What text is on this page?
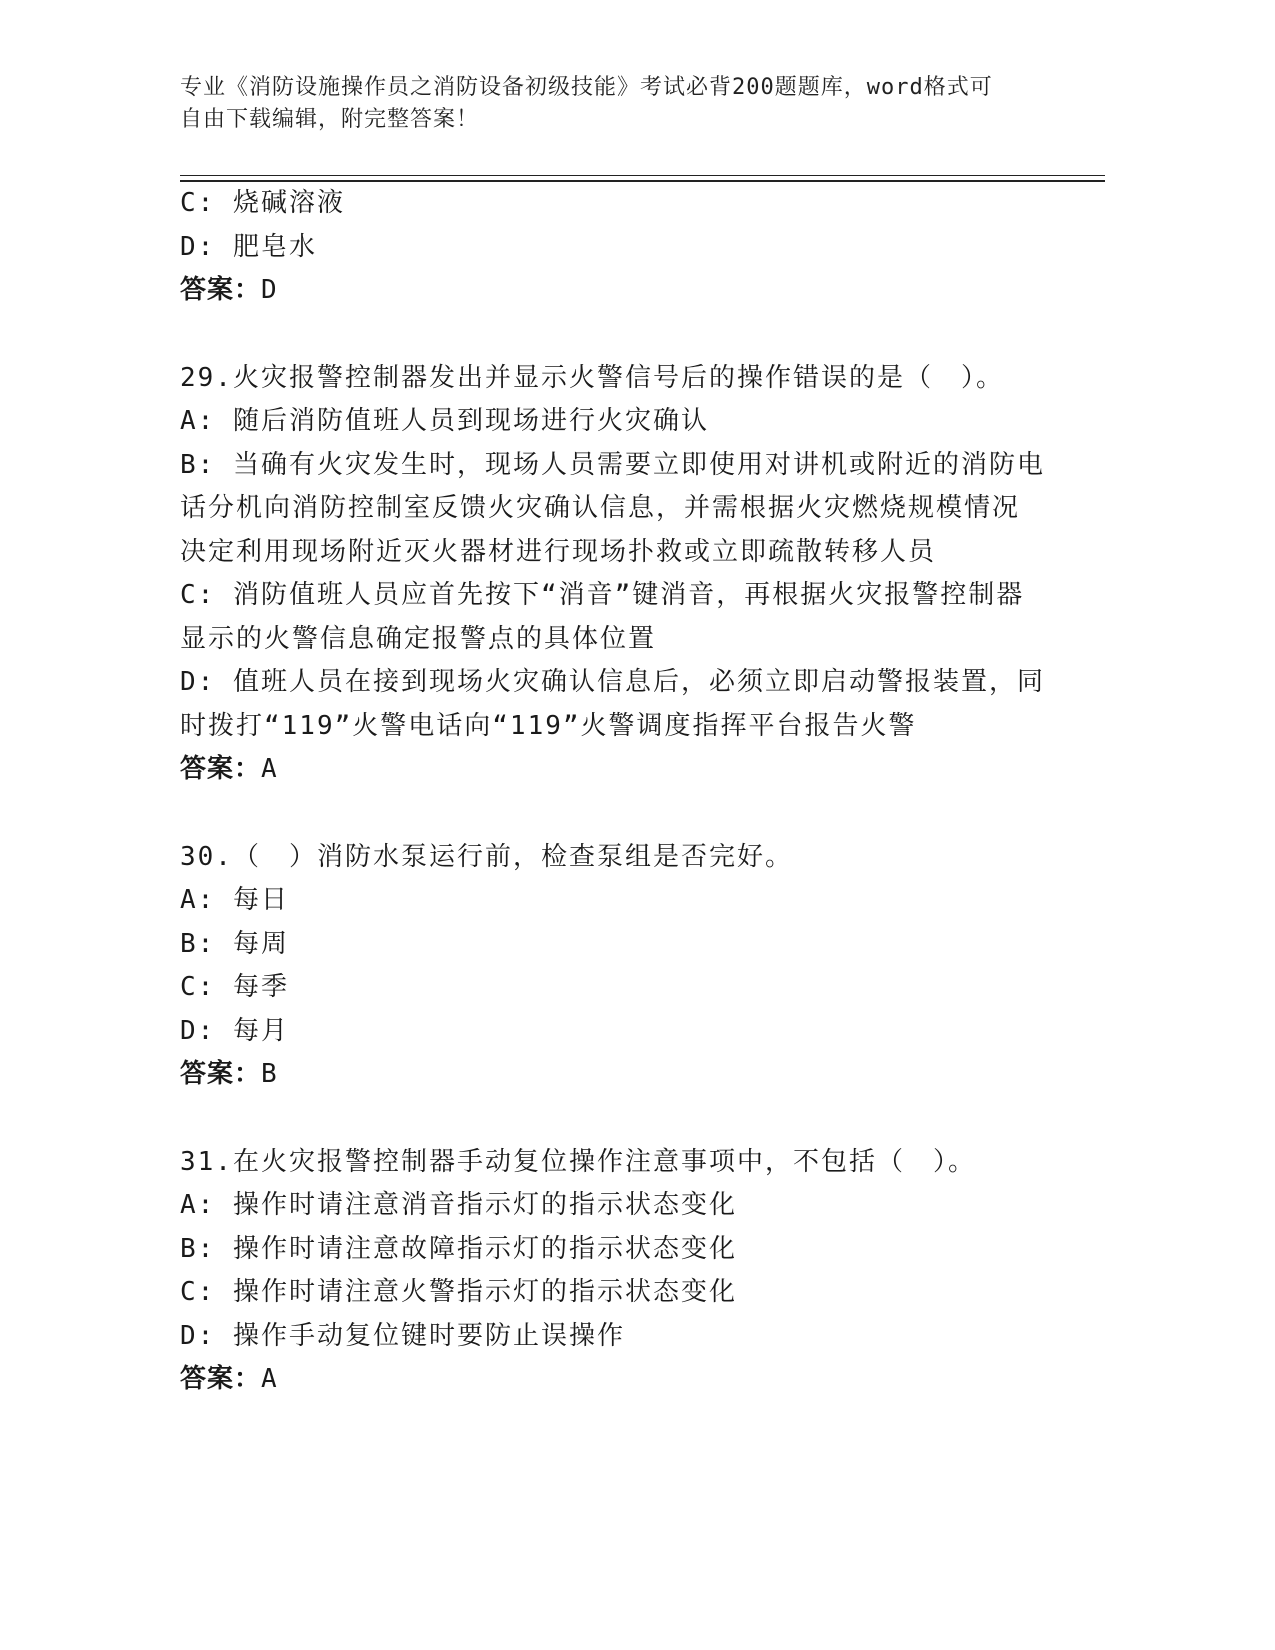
专业《消防设施操作员之消防设备初级技能》考试必背200题题库，word格式可
自由下载编辑，附完整答案！
C: 烧碱溶液
D: 肥皂水
答案：D
29.火灾报警控制器发出并显示火警信号后的操作错误的是（　）。
A: 随后消防值班人员到现场进行火灾确认
B: 当确有火灾发生时，现场人员需要立即使用对讲机或附近的消防电
话分机向消防控制室反馈火灾确认信息，并需根据火灾燃烧规模情况
决定利用现场附近灭火器材进行现场扑救或立即疏散转移人员
C: 消防值班人员应首先按下“消音”键消音，再根据火灾报警控制器
显示的火警信息确定报警点的具体位置
D: 值班人员在接到现场火灾确认信息后，必须立即启动警报装置，同
时拨打“119”火警电话向“119”火警调度指挥平台报告火警
答案：A
30.（　）消防水泵运行前，检查泵组是否完好。
A: 每日
B: 每周
C: 每季
D: 每月
答案：B
31.在火灾报警控制器手动复位操作注意事项中，不包括（　）。
A: 操作时请注意消音指示灯的指示状态变化
B: 操作时请注意故障指示灯的指示状态变化
C: 操作时请注意火警指示灯的指示状态变化
D: 操作手动复位键时要防止误操作
答案：A
